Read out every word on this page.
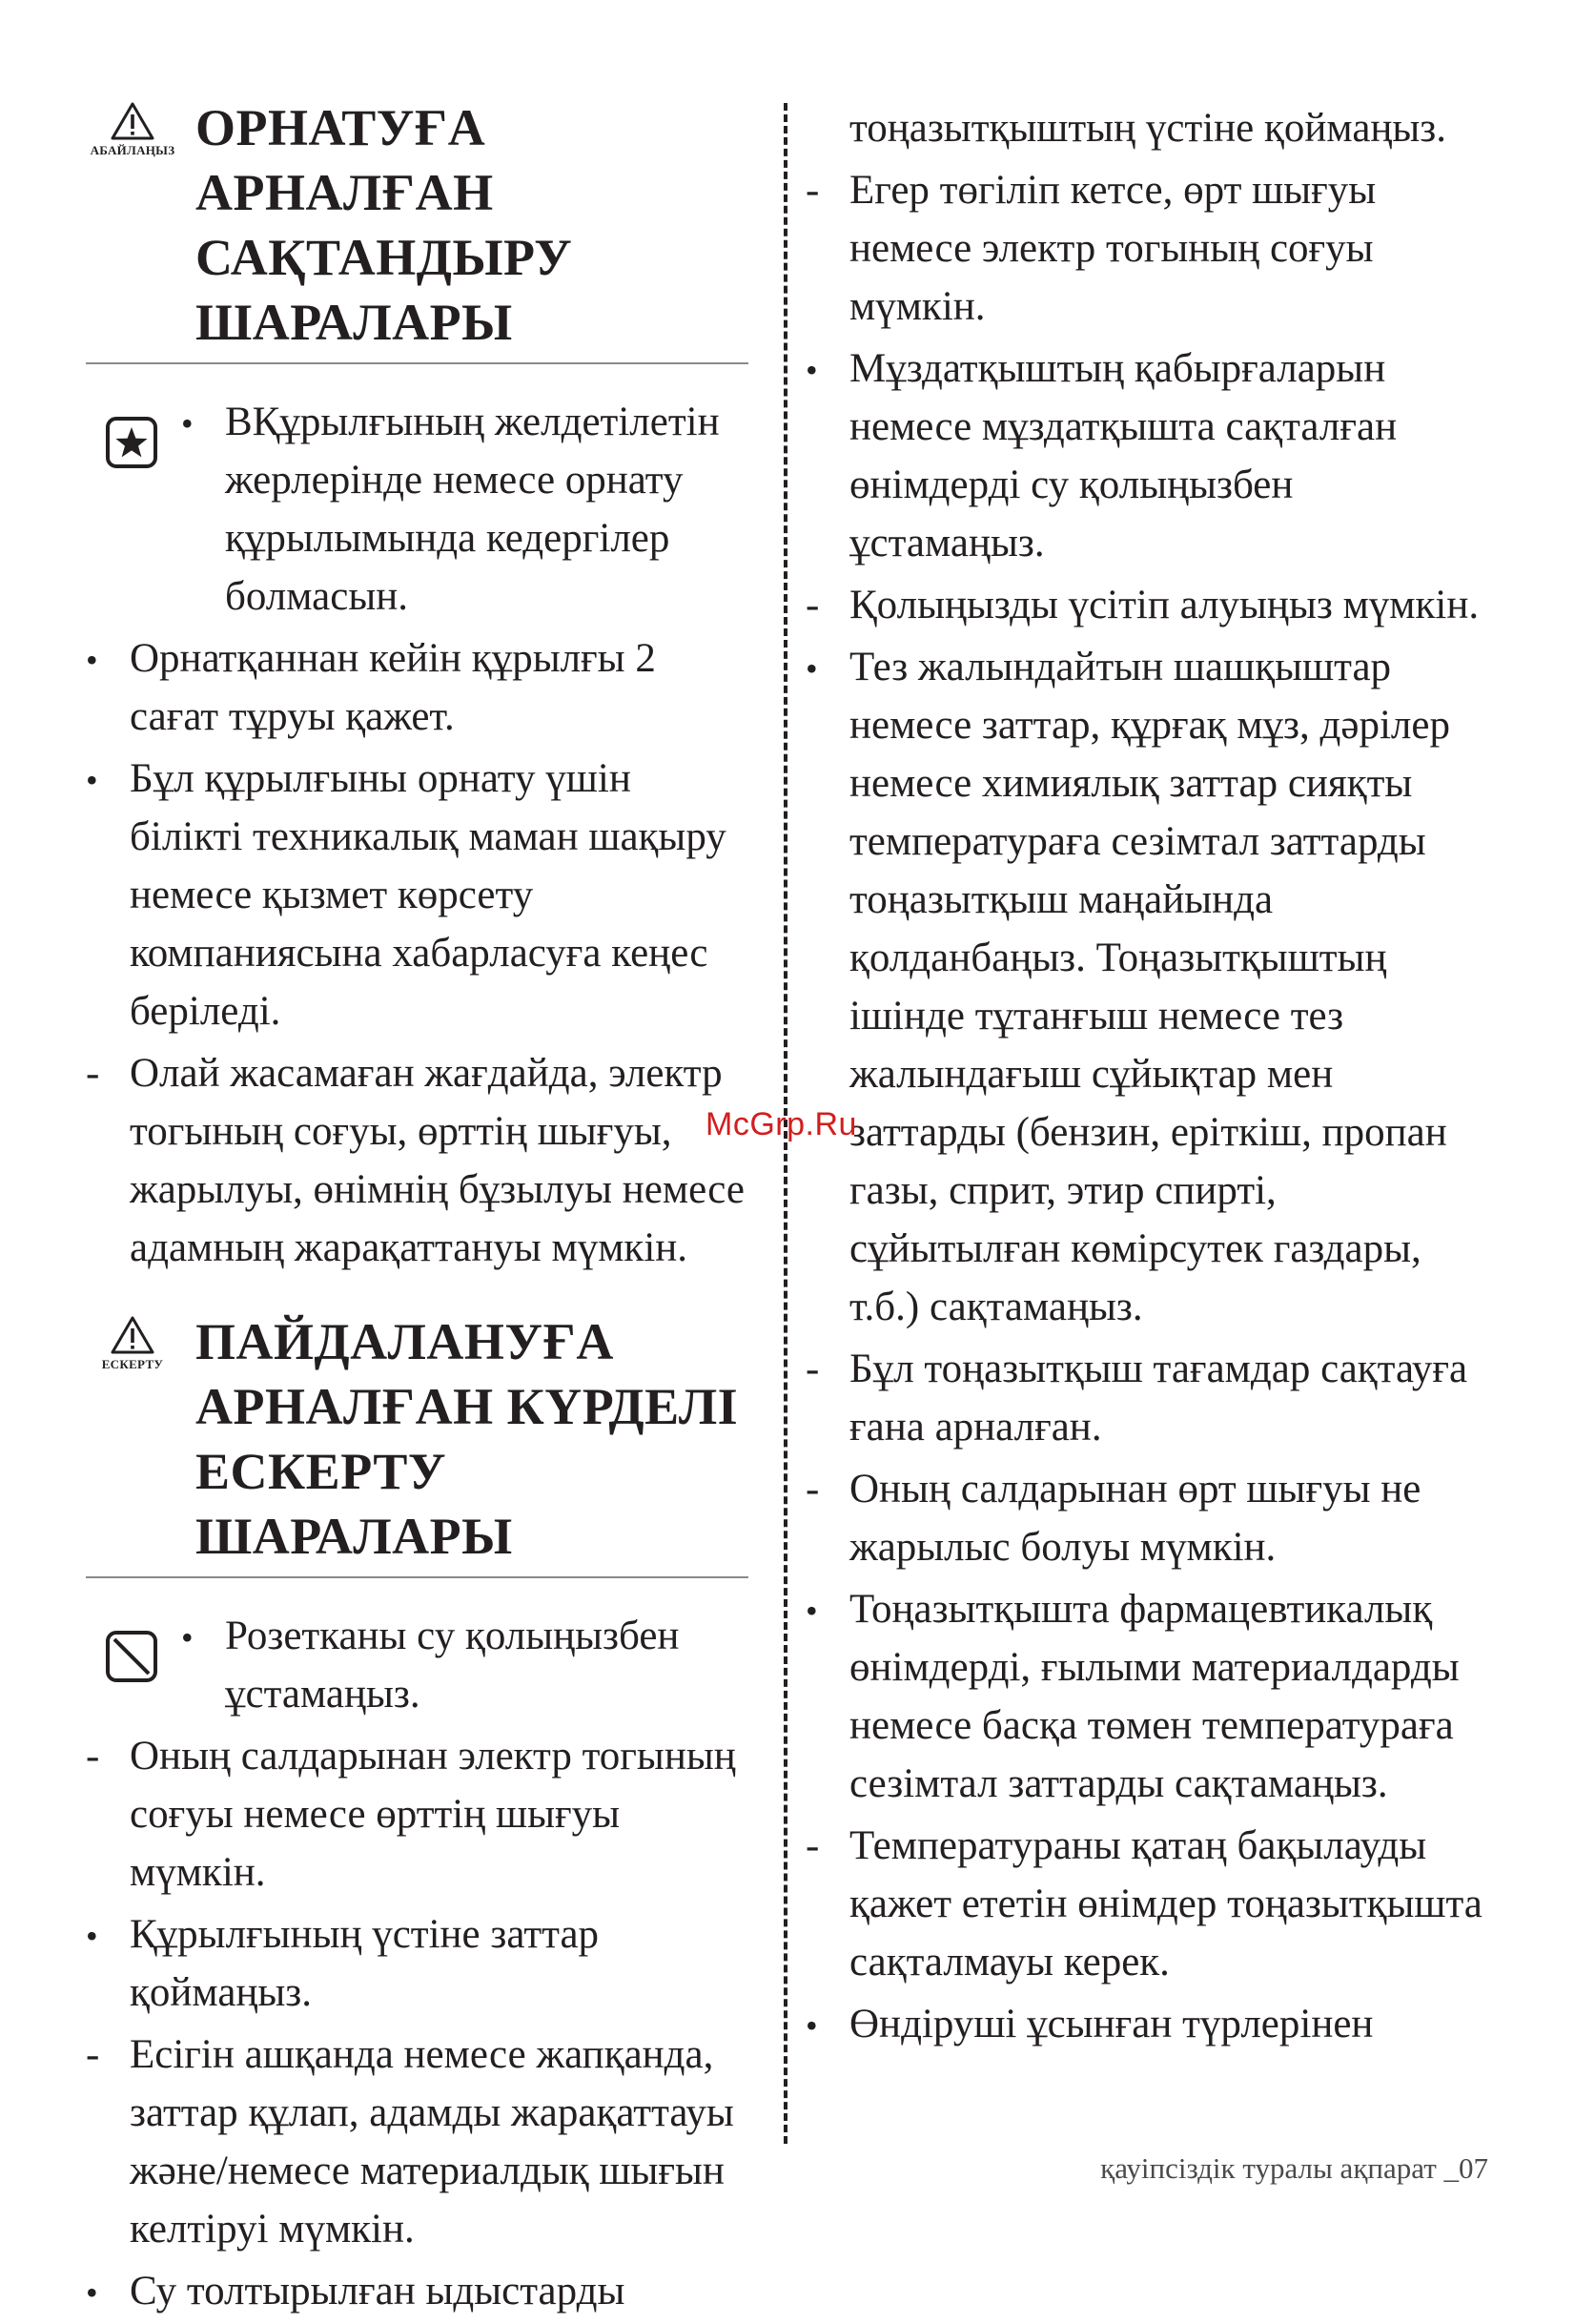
АБАЙЛАҢЫЗ ОРНАТУҒА АРНАЛҒАН
САҚТАНДЫРУ
ШАРАЛАРЫ
•
ВҚұрылғының желдетілетін жерлерінде немесе орнату құрылымында кедергілер болмасын.
•
Орнатқаннан кейін құрылғы 2 сағат тұруы қажет.
•
Бұл құрылғыны орнату үшін білікті техникалық маман шақыру немесе қызмет көрсету компаниясына хабарласуға кеңес беріледі.
-
Олай жасамаған жағдайда, электр тогының соғуы, өрттің шығуы, жарылуы, өнімнің бұзылуы немесе адамның жарақаттануы мүмкін.
ЕСКЕРТУ ПАЙДАЛАНУҒА
АРНАЛҒАН КҮРДЕЛІ
ЕСКЕРТУ ШАРАЛАРЫ
•
Розетканы су қолыңызбен ұстамаңыз.
-
Оның салдарынан электр тогының соғуы немесе өрттің шығуы мүмкін.
•
Құрылғының үстіне заттар қоймаңыз.
-
Есігін ашқанда немесе жапқанда, заттар құлап, адамды жарақаттауы және/немесе материалдық шығын келтіруі мүмкін.
•
Су толтырылған ыдыстарды
тоңазытқыштың үстіне қоймаңыз.
-
Егер төгіліп кетсе, өрт шығуы немесе электр тогының соғуы мүмкін.
•
Мұздатқыштың қабырғаларын немесе мұздатқышта сақталған өнімдерді су қолыңызбен ұстамаңыз.
-
Қолыңызды үсітіп алуыңыз мүмкін.
•
Тез жалындайтын шашқыштар немесе заттар, құрғақ мұз, дәрілер немесе химиялық заттар сияқты температураға сезімтал заттарды тоңазытқыш маңайында қолданбаңыз. Тоңазытқыштың ішінде тұтанғыш немесе тез жалындағыш сұйықтар мен заттарды (бензин, еріткіш, пропан газы, сприт, этир спирті, сұйытылған көмірсутек газдары, т.б.) сақтамаңыз.
-
Бұл тоңазытқыш тағамдар сақтауға ғана арналған.
-
Оның салдарынан өрт шығуы не жарылыс болуы мүмкін.
•
Тоңазытқышта фармацевтикалық өнімдерді, ғылыми материалдарды немесе басқа төмен температураға сезімтал заттарды сақтамаңыз.
-
Температураны қатаң бақылауды қажет ететін өнімдер тоңазытқышта сақталмауы керек.
•
Өндіруші ұсынған түрлерінен
McGrp.Ru
қауіпсіздік туралы ақпарат _07
